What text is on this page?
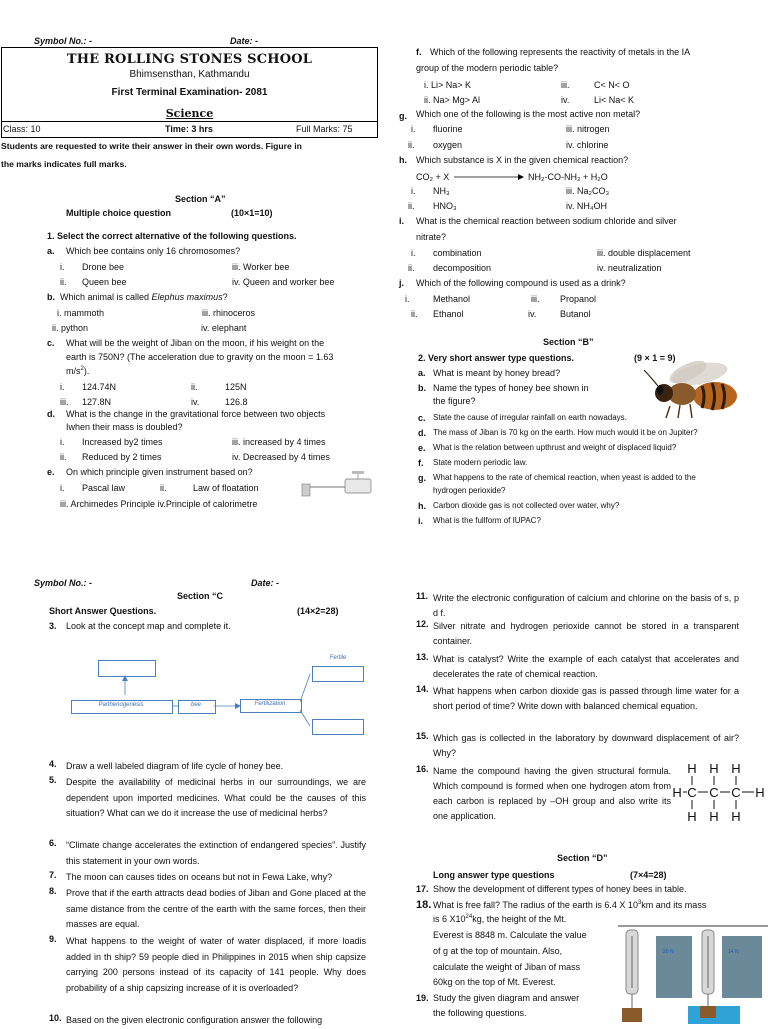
Symbol No.: -	Date: -
THE ROLLING STONES SCHOOL
Bhimsensthan, Kathmandu
First Terminal Examination- 2081
Science
Class: 10	Time: 3 hrs	Full Marks: 75
Students are requested to write their answer in their own words. Figure in
the marks indicates full marks.
Section “A”
Multiple choice question	(10×1=10)
1. Select the correct alternative of the following questions.
a. Which bee contains only 16 chromosomes?
i. Drone bee	iii. Worker bee
ii. Queen bee	iv. Queen and worker bee
b. Which animal is called Elephus maximus?
i. mammoth	iii. rhinoceros
ii. python	iv. elephant
c. What will be the weight of Jiban on the moon, if his weight on the
earth is 750N? (The acceleration due to gravity on the moon = 1.63
$m/s^2$).
i. 124.74N	ii.	125N
iii. 127.8N	iv.	126.8
d. What is the change in the gravitational force between two objects
Iwhen their mass is doubled?
i. Increased by2 times	iii. increased by 4 times
ii. Reduced by 2 times	iv. Decreased by 4 times
e. On which principle given instrument based on?
i. Pascal law	ii.	Law of floatation
iii. Archimedes Principle iv.Principle of calorimetre
f. Which of the following represents the reactivity of metals in the IA
group of the modern periodic table?
i. Li> Na> K	iii.	C< N< O
ii. Na> Mg> Al	iv.	Li< Na< K
g. Which one of the following is the most active non metal?
i. fluorine	iii. nitrogen
ii. oxygen	iv. chlorine
h. Which substance is X in the given chemical reaction?
CO₂ + X	NH₂-CO-NH₂ + H₂O
i. NH₃	iii. Na₂CO₃
ii. HNO₃	iv. NH₄OH
i. What is the chemical reaction between sodium chloride and silver
nitrate?
i. combination	iii. double displacement
ii. decomposition	iv. neutralization
j. Which of the following compound is used as a drink?
i.	Methanol	iii. Propanol
ii. Ethanol	iv.	Butanol
Section “B”
2. Very short answer type questions.	(9 × 1 = 9)
a. What is meant by honey bread?
b. Name the types of honey bee shown in
the figure?
c. State the cause of irregular rainfall on earth nowadays.
d. The mass of Jiban is 70 kg on the earth. How much would it be on Jupiter?
e. What is the relation between upthrust and weight of displaced liquid?
f. State modern periodic law.
g. What happens to the rate of chemical reaction, when yeast is added to the
hydrogen perioxide?
h. Carbon dioxide gas is not collected over water, why?
i. What is the fullform of IUPAC?
Symbol No.: -	Date: -
Section “C
Short Answer Questions.	(14×2=28)
3. Look at the concept map and complete it.
Fertile
Parthenogenesis	bee	Fertilization
4. Draw a well labeled diagram of life cycle of honey bee.
5. Despite the availability of medicinal herbs in our surroundings, we are dependent upon imported medicines. What could be the causes of this situation? What can we do it increase the use of medicinal herbs?
6. “Climate change accelerates the extinction of endangered species”. Justify this statement in your own words.
7. The moon can causes tides on oceans but not in Fewa Lake, why?
8. Prove that if the earth attracts dead bodies of Jiban and Gone placed at the same distance from the centre of the earth with the same forces, then their masses are equal.
9. What happens to the weight of water of water displaced, if more loadis added in th ship? 59 people died in Philippines in 2015 when ship capsize carrying 200 persons instead of its capacity of 141 people. Why does probability of a ship capsizing increase of it is overloaded?
10. Based on the given electronic configuration answer the following
11. Write the electronic configuration of calcium and chlorine on the basis of s, p d f.
12. Silver nitrate and hydrogen perioxide cannot be stored in a transparent container.
13. What is catalyst? Write the example of each catalyst that accelerates and decelerates the rate of chemical reaction.
14. What happens when carbon dioxide gas is passed through lime water for a short period of time? Write down with balanced chemical equation.
15. Which gas is collected in the laboratory by downward displacement of air? Why?
16. Name the compound having the given structural formula. Which compound is formed when one hydrogen atom from each carbon is replaced by –OH group and also write its one application.
H H H
H C C C H
H H H
Section “D”
Long answer type questions	(7×4=28)
17. Show the development of different types of honey bees in table.
18. What is free fall? The radius of the earth is 6.4 X $10^3km$ and its mass
is 6 $X10^{24}kg$, the height of the Mt.
Everest is 8848 m. Calculate the value
of g at the top of mountain. Also,
calculate the weight of Jiban of mass
60kg on the top of Mt. Everest.
19. Study the given diagram and answer
the following questions.
20 N	14 N
